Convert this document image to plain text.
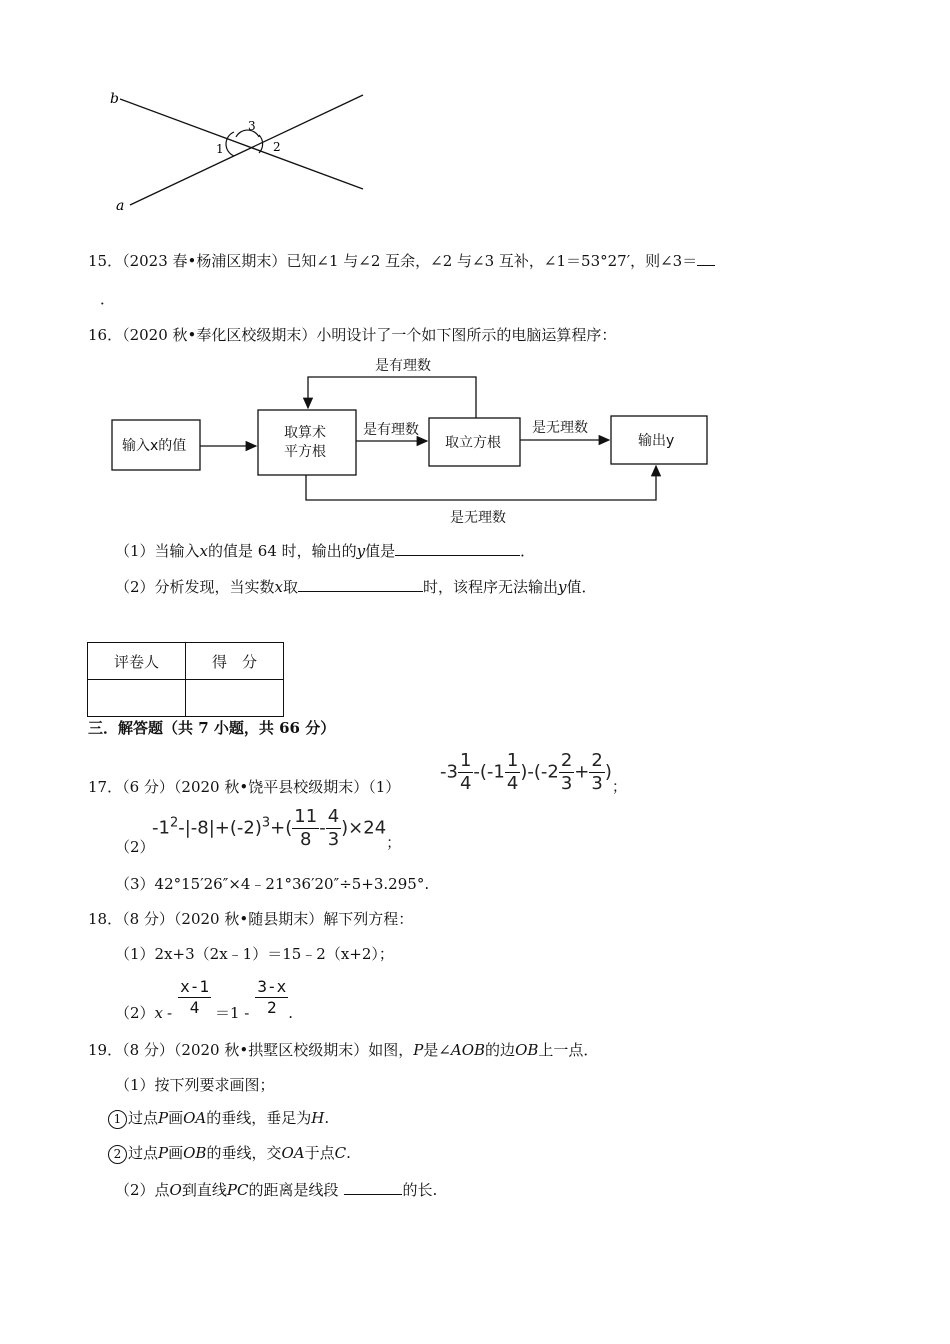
b
a
1	2
3
15．（2023 春•杨浦区期末）已知∠1 与∠2 互余，∠2 与∠3 互补，∠1＝53°27′，则∠3＝
．
16．（2020 秋•奉化区校级期末）小明设计了一个如下图所示的电脑运算程序：
输入x的值
取算术
平方根
取立方根	输出y
是有理数
是有理数	是无理数
是无理数
（1）当输入x的值是 64 时，输出的y值是	．
（2）分析发现，当实数x取	时，该程序无法输出y值．
评卷人	得　分

三．解答题（共 7 小题，共 66 分）
17．（6 分）（2020 秋•饶平县校级期末）（1）
$-3 \frac{1}{4} -(-1 \frac{1}{4} )-(-2 \frac{2}{3} + \frac{2}{3} )_;$
（2）
$-1^2-|-8|+(-2)^3+( \frac{11}{8} - \frac{4}{3} )\times 24_;$
（3）42°15′26″×4﹣21°36′20″÷5+3.295°.
18．（8 分）（2020 秋•随县期末）解下列方程：
（1）2x+3（2x﹣1）＝15﹣2（x+2）；
（2） $x - \frac{x-1}{4} =1 - \frac{3-x}{2}$ .
19．（8 分）（2020 秋•拱墅区校级期末）如图，P是∠AOB的边OB上一点．
（1）按下列要求画图；
1 过点P画OA的垂线，垂足为H.
2 过点P画OB的垂线，交OA于点C.
（2）点O到直线PC的距离是线段	的长.
